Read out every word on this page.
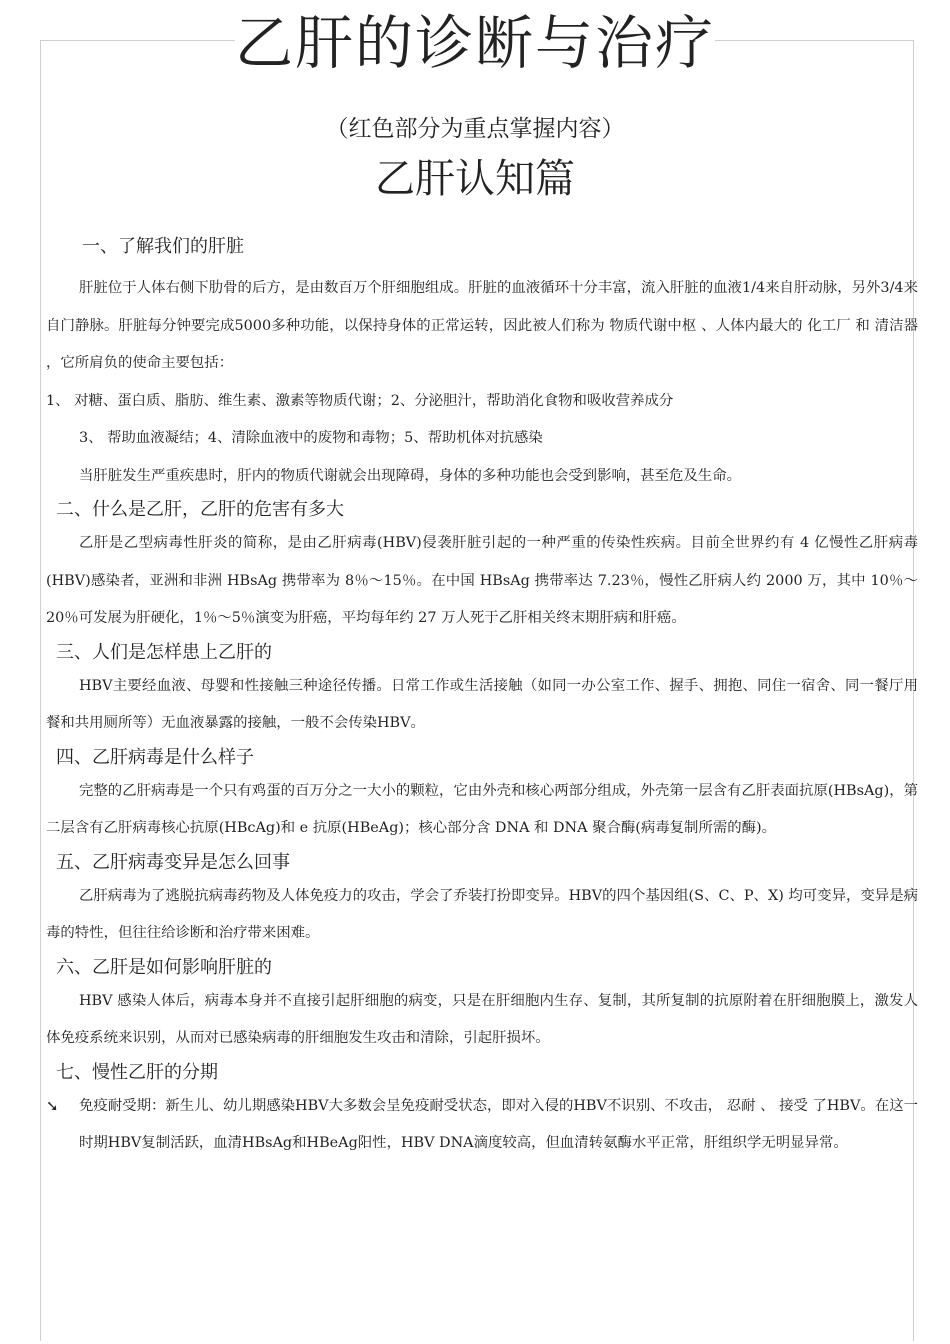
乙肝的诊断与治疗
（红色部分为重点掌握内容）
乙肝认知篇
一、了解我们的肝脏

肝脏位于人体右侧下肋骨的后方，是由数百万个肝细胞组成。肝脏的血液循环十分丰富，流入肝脏的血液1/4来自肝动脉，另外3/4来自门静脉。肝脏每分钟要完成5000多种功能，以保持身体的正常运转，因此被人们称为 物质代谢中枢 、人体内最大的 化工厂 和 清洁器 ，它所肩负的使命主要包括：

1、 对糖、蛋白质、脂肪、维生素、激素等物质代谢；2、分泌胆汁，帮助消化食物和吸收营养成分

3、 帮助血液凝结；4、清除血液中的废物和毒物；5、帮助机体对抗感染

当肝脏发生严重疾患时，肝内的物质代谢就会出现障碍，身体的多种功能也会受到影响，甚至危及生命。

二、什么是乙肝，乙肝的危害有多大

乙肝是乙型病毒性肝炎的简称，是由乙肝病毒(HBV)侵袭肝脏引起的一种严重的传染性疾病。目前全世界约有 4 亿慢性乙肝病毒(HBV)感染者，亚洲和非洲 HBsAg 携带率为 8％～15％。在中国 HBsAg 携带率达 7.23％，慢性乙肝病人约 2000 万，其中 10％～20％可发展为肝硬化，1％～5％演变为肝癌，平均每年约 27 万人死于乙肝相关终末期肝病和肝癌。

三、人们是怎样患上乙肝的

HBV主要经血液、母婴和性接触三种途径传播。日常工作或生活接触（如同一办公室工作、握手、拥抱、同住一宿舍、同一餐厅用餐和共用厕所等）无血液暴露的接触，一般不会传染HBV。

四、乙肝病毒是什么样子

完整的乙肝病毒是一个只有鸡蛋的百万分之一大小的颗粒，它由外壳和核心两部分组成，外壳第一层含有乙肝表面抗原(HBsAg)，第二层含有乙肝病毒核心抗原(HBcAg)和 e 抗原(HBeAg)；核心部分含 DNA 和 DNA 聚合酶(病毒复制所需的酶)。

五、乙肝病毒变异是怎么回事

乙肝病毒为了逃脱抗病毒药物及人体免疫力的攻击，学会了乔装打扮即变异。HBV的四个基因组(S、C、P、X) 均可变异，变异是病毒的特性，但往往给诊断和治疗带来困难。

六、乙肝是如何影响肝脏的

HBV 感染人体后，病毒本身并不直接引起肝细胞的病变，只是在肝细胞内生存、复制，其所复制的抗原附着在肝细胞膜上，激发人体免疫系统来识别，从而对已感染病毒的肝细胞发生攻击和清除，引起肝损坏。

七、慢性乙肝的分期
➘	免疫耐受期：新生儿、幼儿期感染HBV大多数会呈免疫耐受状态，即对入侵的HBV不识别、不攻击， 忍耐 、 接受 了HBV。在这一时期HBV复制活跃，血清HBsAg和HBeAg阳性，HBV DNA滴度较高，但血清转氨酶水平正常，肝组织学无明显异常。
